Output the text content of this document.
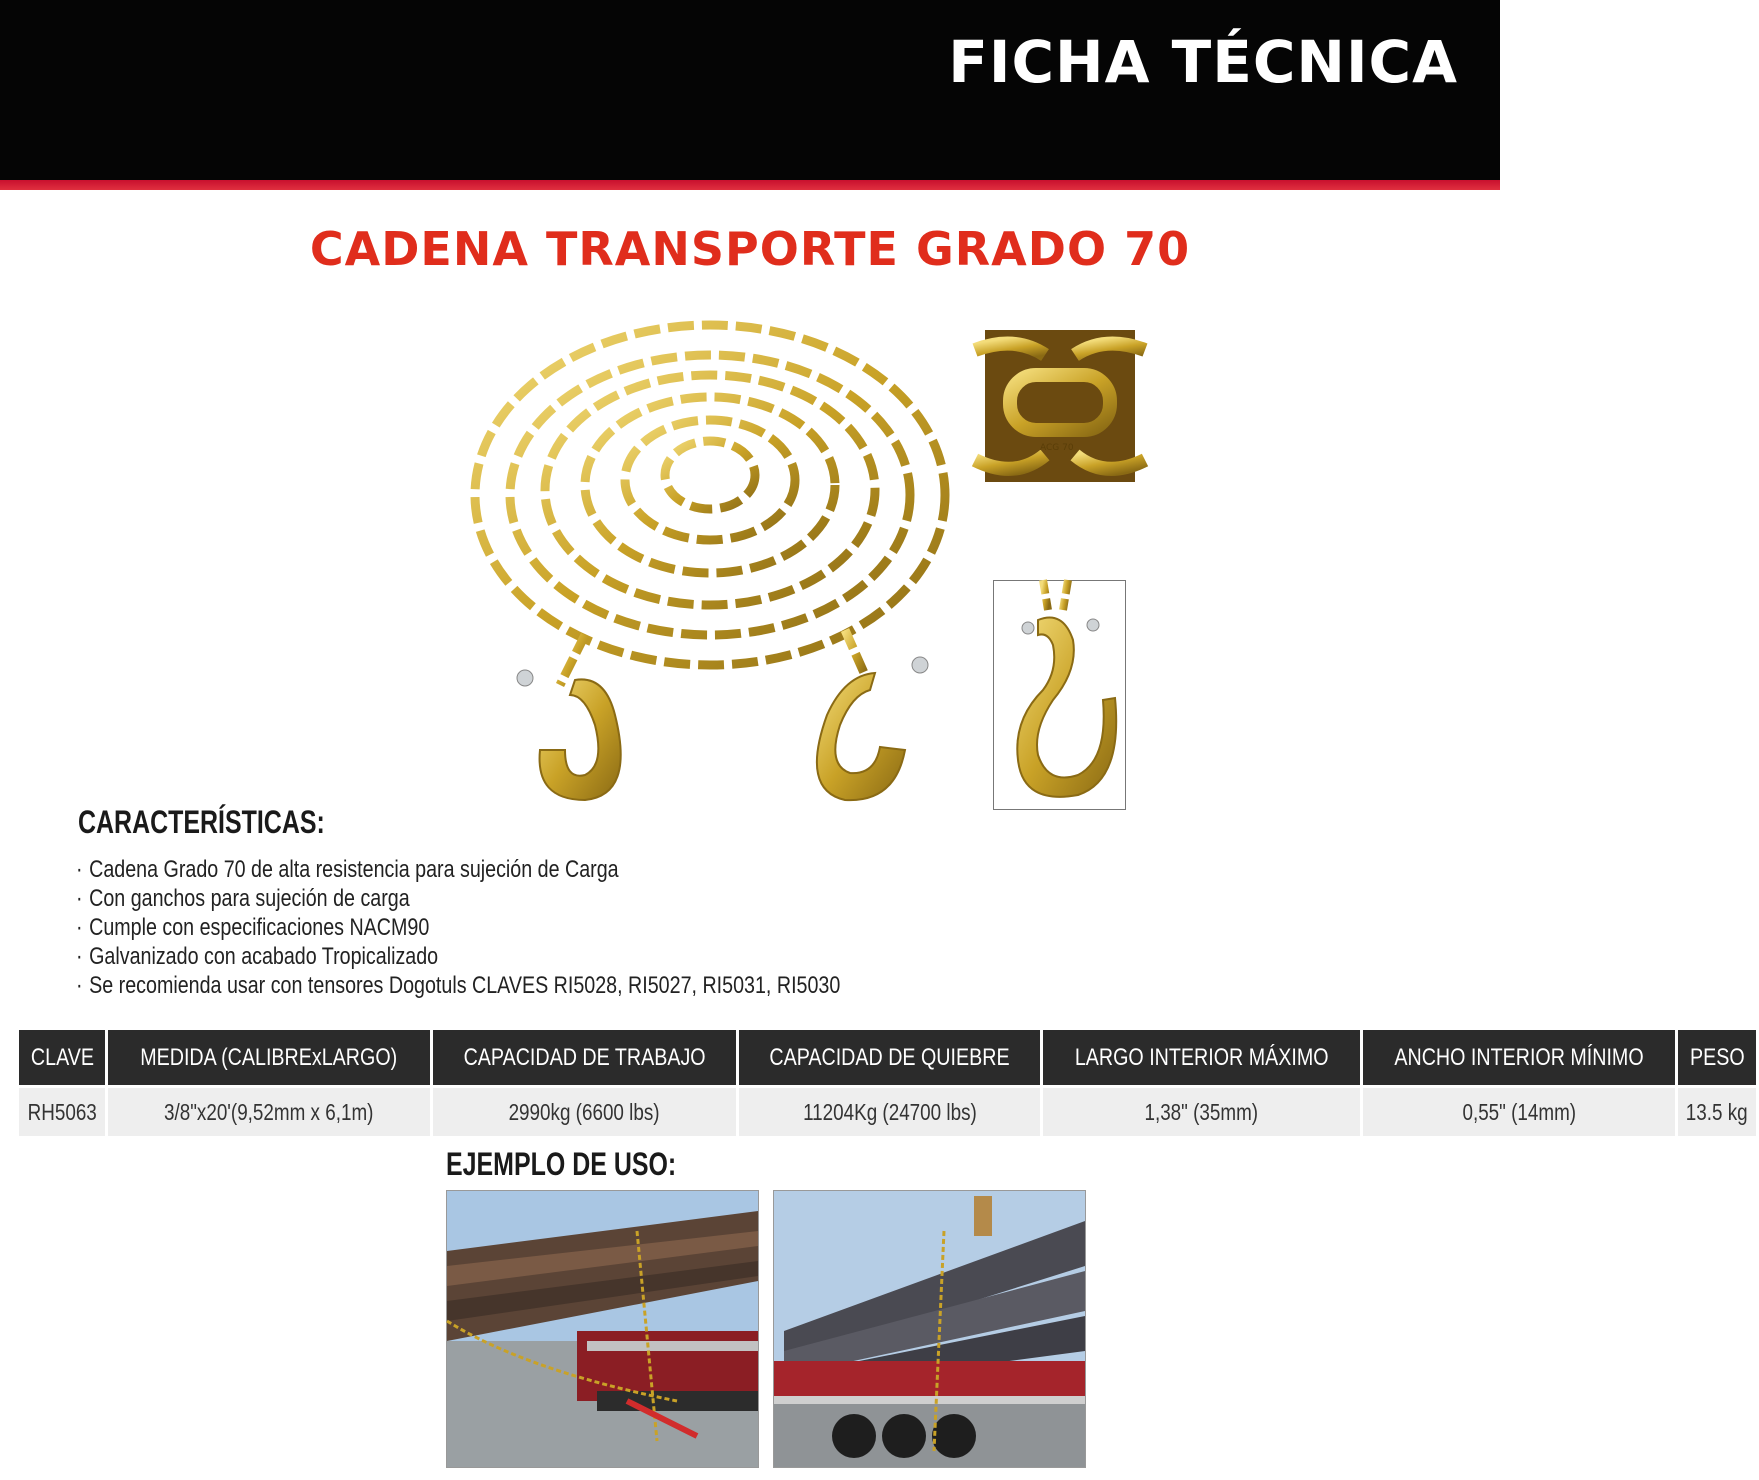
FICHA TÉCNICA
CADENA TRANSPORTE GRADO 70
ACG 70
CARACTERÍSTICAS:
· Cadena Grado 70 de alta resistencia para sujeción de Carga
· Con ganchos para sujeción de carga
· Cumple con especificaciones NACM90
· Galvanizado con acabado Tropicalizado
· Se recomienda usar con tensores Dogotuls CLAVES RI5028, RI5027, RI5031, RI5030
CLAVE	MEDIDA (CALIBRExLARGO)	CAPACIDAD DE TRABAJO	CAPACIDAD DE QUIEBRE	LARGO INTERIOR MÁXIMO	ANCHO INTERIOR MÍNIMO	PESO
RH5063	3/8"x20'(9,52mm x 6,1m)	2990kg (6600 lbs)	11204Kg (24700 lbs)	1,38" (35mm)	0,55" (14mm)	13.5 kg
EJEMPLO DE USO:
